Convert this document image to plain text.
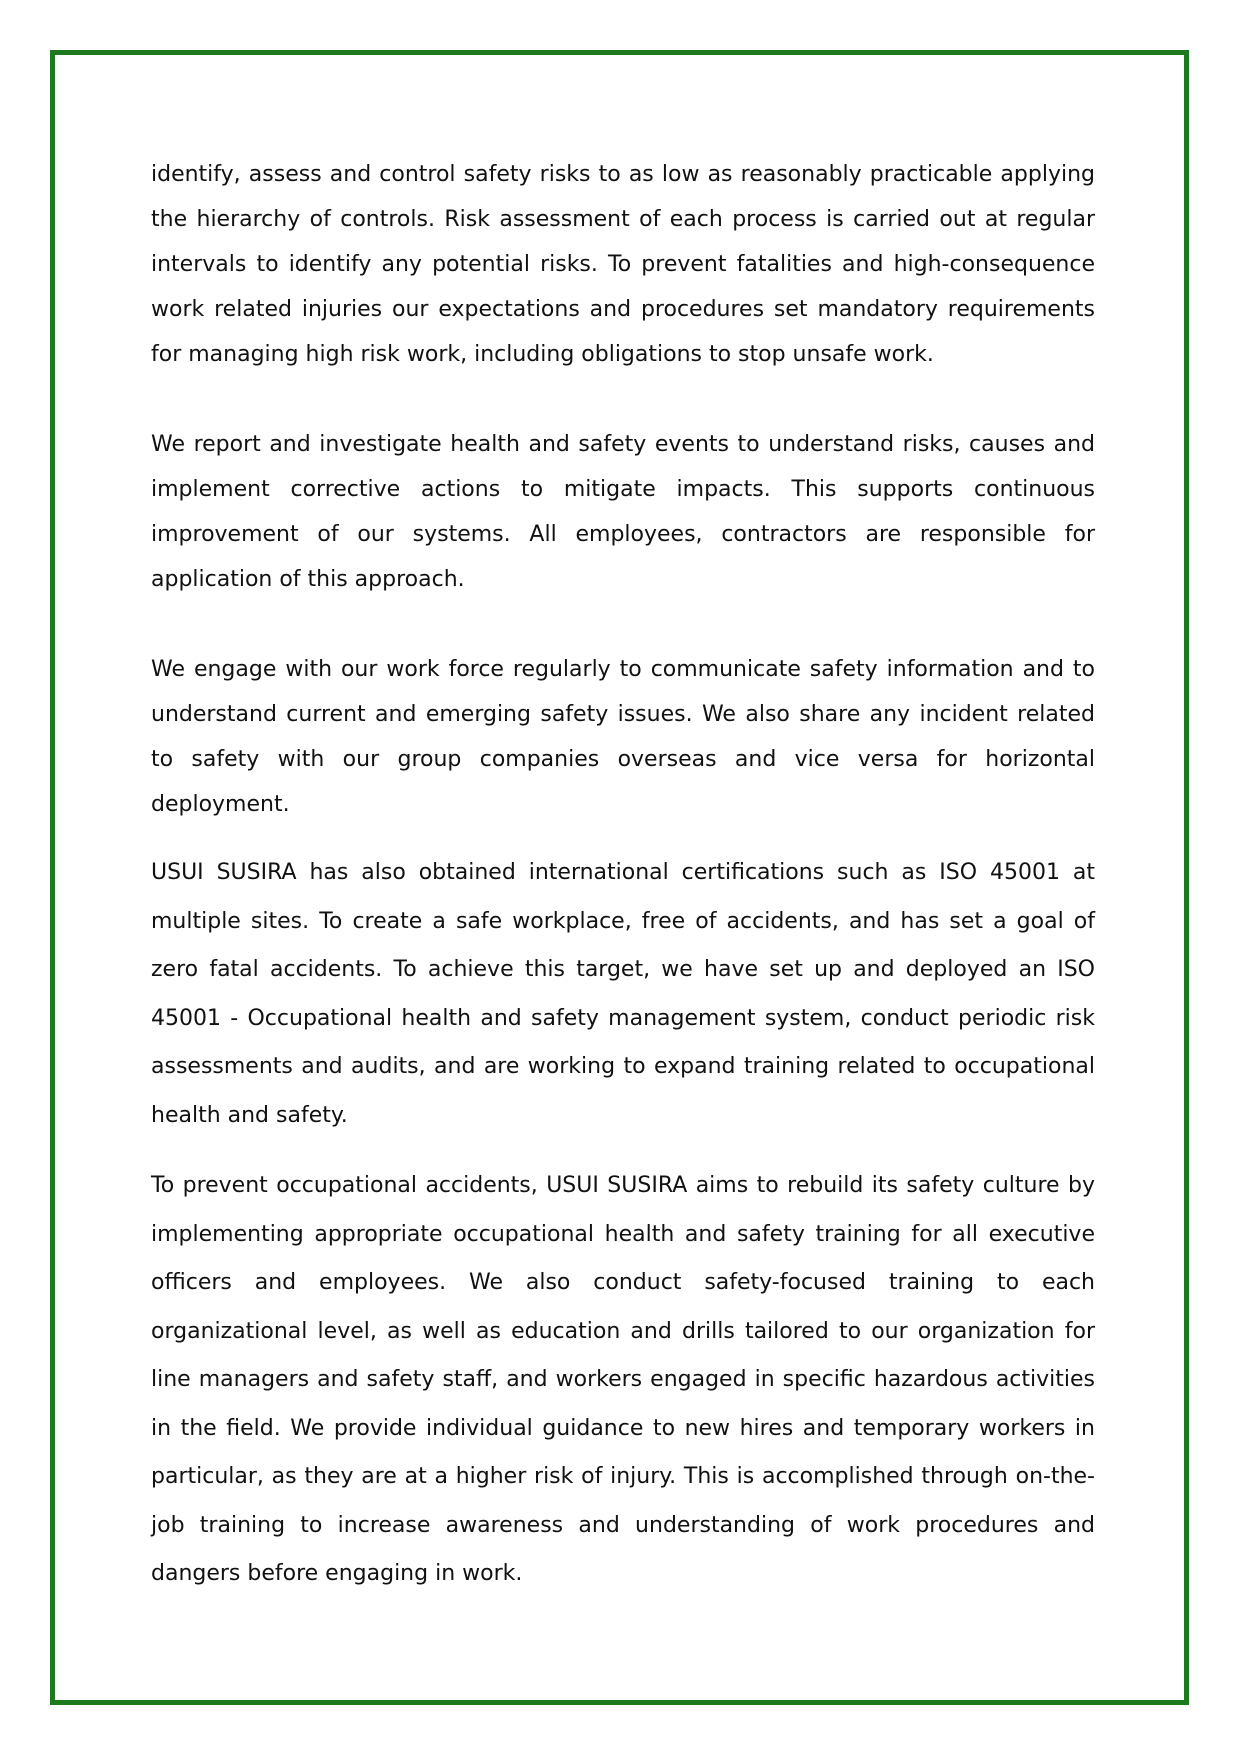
identify, assess and control safety risks to as low as reasonably practicable applying the hierarchy of controls. Risk assessment of each process is carried out at regular intervals to identify any potential risks. To prevent fatalities and high-consequence work related injuries our expectations and procedures set mandatory requirements for managing high risk work, including obligations to stop unsafe work.

We report and investigate health and safety events to understand risks, causes and implement corrective actions to mitigate impacts. This supports continuous improvement of our systems. All employees, contractors are responsible for application of this approach.

We engage with our work force regularly to communicate safety information and to understand current and emerging safety issues. We also share any incident related to safety with our group companies overseas and vice versa for horizontal deployment.

USUI SUSIRA has also obtained international certifications such as ISO 45001 at multiple sites. To create a safe workplace, free of accidents, and has set a goal of zero fatal accidents. To achieve this target, we have set up and deployed an ISO 45001 - Occupational health and safety management system, conduct periodic risk assessments and audits, and are working to expand training related to occupational health and safety.

To prevent occupational accidents, USUI SUSIRA aims to rebuild its safety culture by implementing appropriate occupational health and safety training for all executive officers and employees. We also conduct safety-focused training to each organizational level, as well as education and drills tailored to our organization for line managers and safety staff, and workers engaged in specific hazardous activities in the field. We provide individual guidance to new hires and temporary workers in particular, as they are at a higher risk of injury. This is accomplished through on-the-job training to increase awareness and understanding of work procedures and dangers before engaging in work.
